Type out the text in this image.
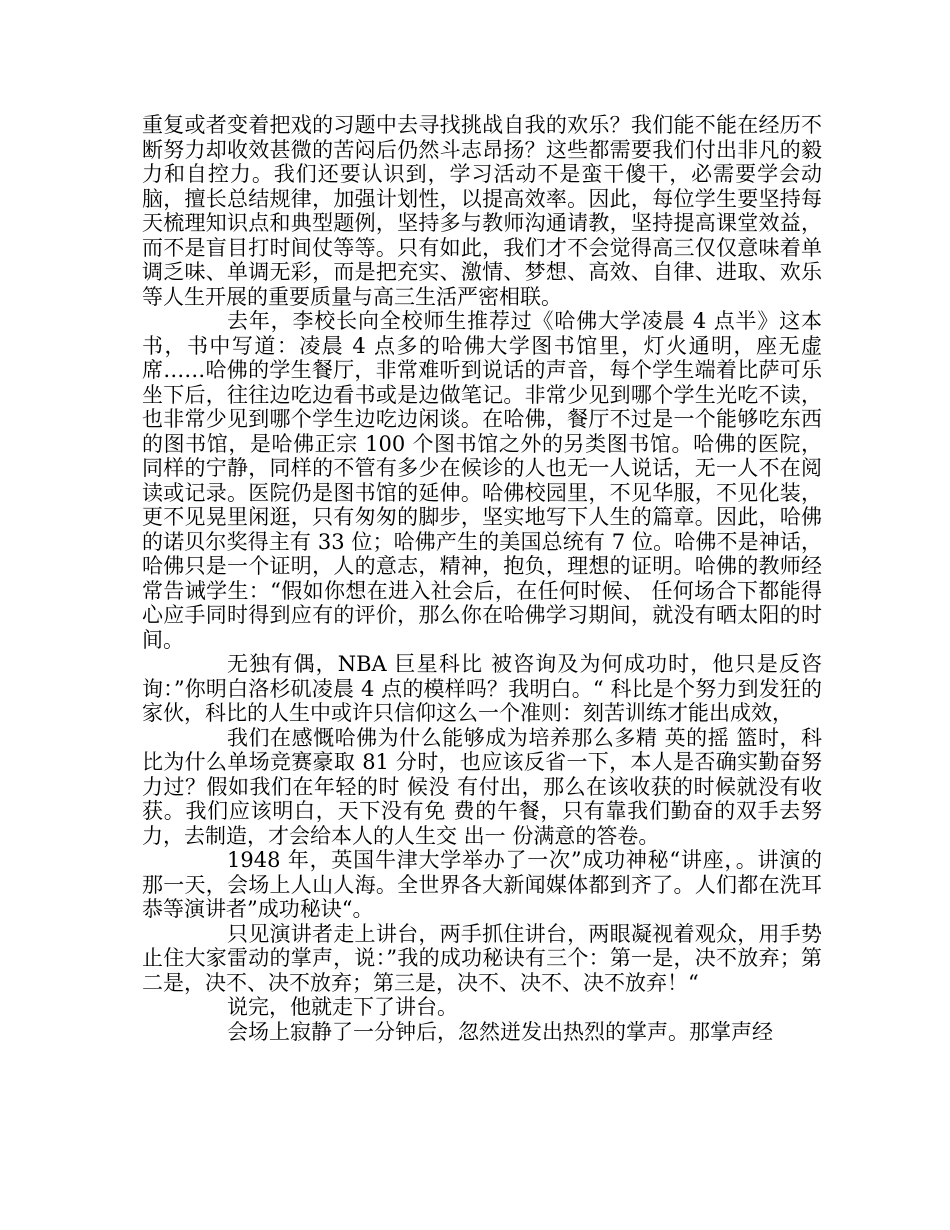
重复或者变着把戏的习题中去寻找挑战自我的欢乐？我们能不能在经历不断努力却收效甚微的苦闷后仍然斗志昂扬？这些都需要我们付出非凡的毅力和自控力。我们还要认识到，学习活动不是蛮干傻干，必需要学会动脑，擅长总结规律，加强计划性，以提高效率。因此，每位学生要坚持每天梳理知识点和典型题例，坚持多与教师沟通请教，坚持提高课堂效益，而不是盲目打时间仗等等。只有如此，我们才不会觉得高三仅仅意味着单调乏味、单调无彩，而是把充实、激情、梦想、高效、自律、进取、欢乐等人生开展的重要质量与高三生活严密相联。

去年，李校长向全校师生推荐过《哈佛大学凌晨 4 点半》这本书，书中写道：凌晨 4 点多的哈佛大学图书馆里，灯火通明，座无虚席……哈佛的学生餐厅，非常难听到说话的声音，每个学生端着比萨可乐坐下后，往往边吃边看书或是边做笔记。非常少见到哪个学生光吃不读，也非常少见到哪个学生边吃边闲谈。在哈佛，餐厅不过是一个能够吃东西的图书馆，是哈佛正宗 100 个图书馆之外的另类图书馆。哈佛的医院，同样的宁静，同样的不管有多少在候诊的人也无一人说话，无一人不在阅读或记录。医院仍是图书馆的延伸。哈佛校园里，不见华服，不见化装，更不见晃里闲逛，只有匆匆的脚步，坚实地写下人生的篇章。因此，哈佛的诺贝尔奖得主有 33 位；哈佛产生的美国总统有 7 位。哈佛不是神话，哈佛只是一个证明，人的意志，精神，抱负，理想的证明。哈佛的教师经常告诫学生：“假如你想在进入社会后，在任何时候、 任何场合下都能得心应手同时得到应有的评价，那么你在哈佛学习期间，就没有晒太阳的时间。

无独有偶，NBA 巨星科比 被咨询及为何成功时，他只是反咨询：”你明白洛杉矶凌晨 4 点的模样吗？我明白。“ 科比是个努力到发狂的家伙，科比的人生中或许只信仰这么一个准则：刻苦训练才能出成效，

我们在感慨哈佛为什么能够成为培养那么多精 英的摇 篮时，科比为什么单场竞赛豪取 81 分时，也应该反省一下，本人是否确实勤奋努力过？假如我们在年轻的时 候没 有付出，那么在该收获的时候就没有收获。我们应该明白，天下没有免 费的午餐，只有靠我们勤奋的双手去努力，去制造，才会给本人的人生交 出一 份满意的答卷。

1948 年，英国牛津大学举办了一次”成功神秘“讲座，。讲演的那一天，会场上人山人海。全世界各大新闻媒体都到齐了。人们都在洗耳恭等演讲者”成功秘诀“。

只见演讲者走上讲台，两手抓住讲台，两眼凝视着观众，用手势止住大家雷动的掌声，说：”我的成功秘诀有三个：第一是，决不放弃；第二是，决不、决不放弃；第三是，决不、决不、决不放弃！“

说完，他就走下了讲台。

会场上寂静了一分钟后，忽然迸发出热烈的掌声。那掌声经
